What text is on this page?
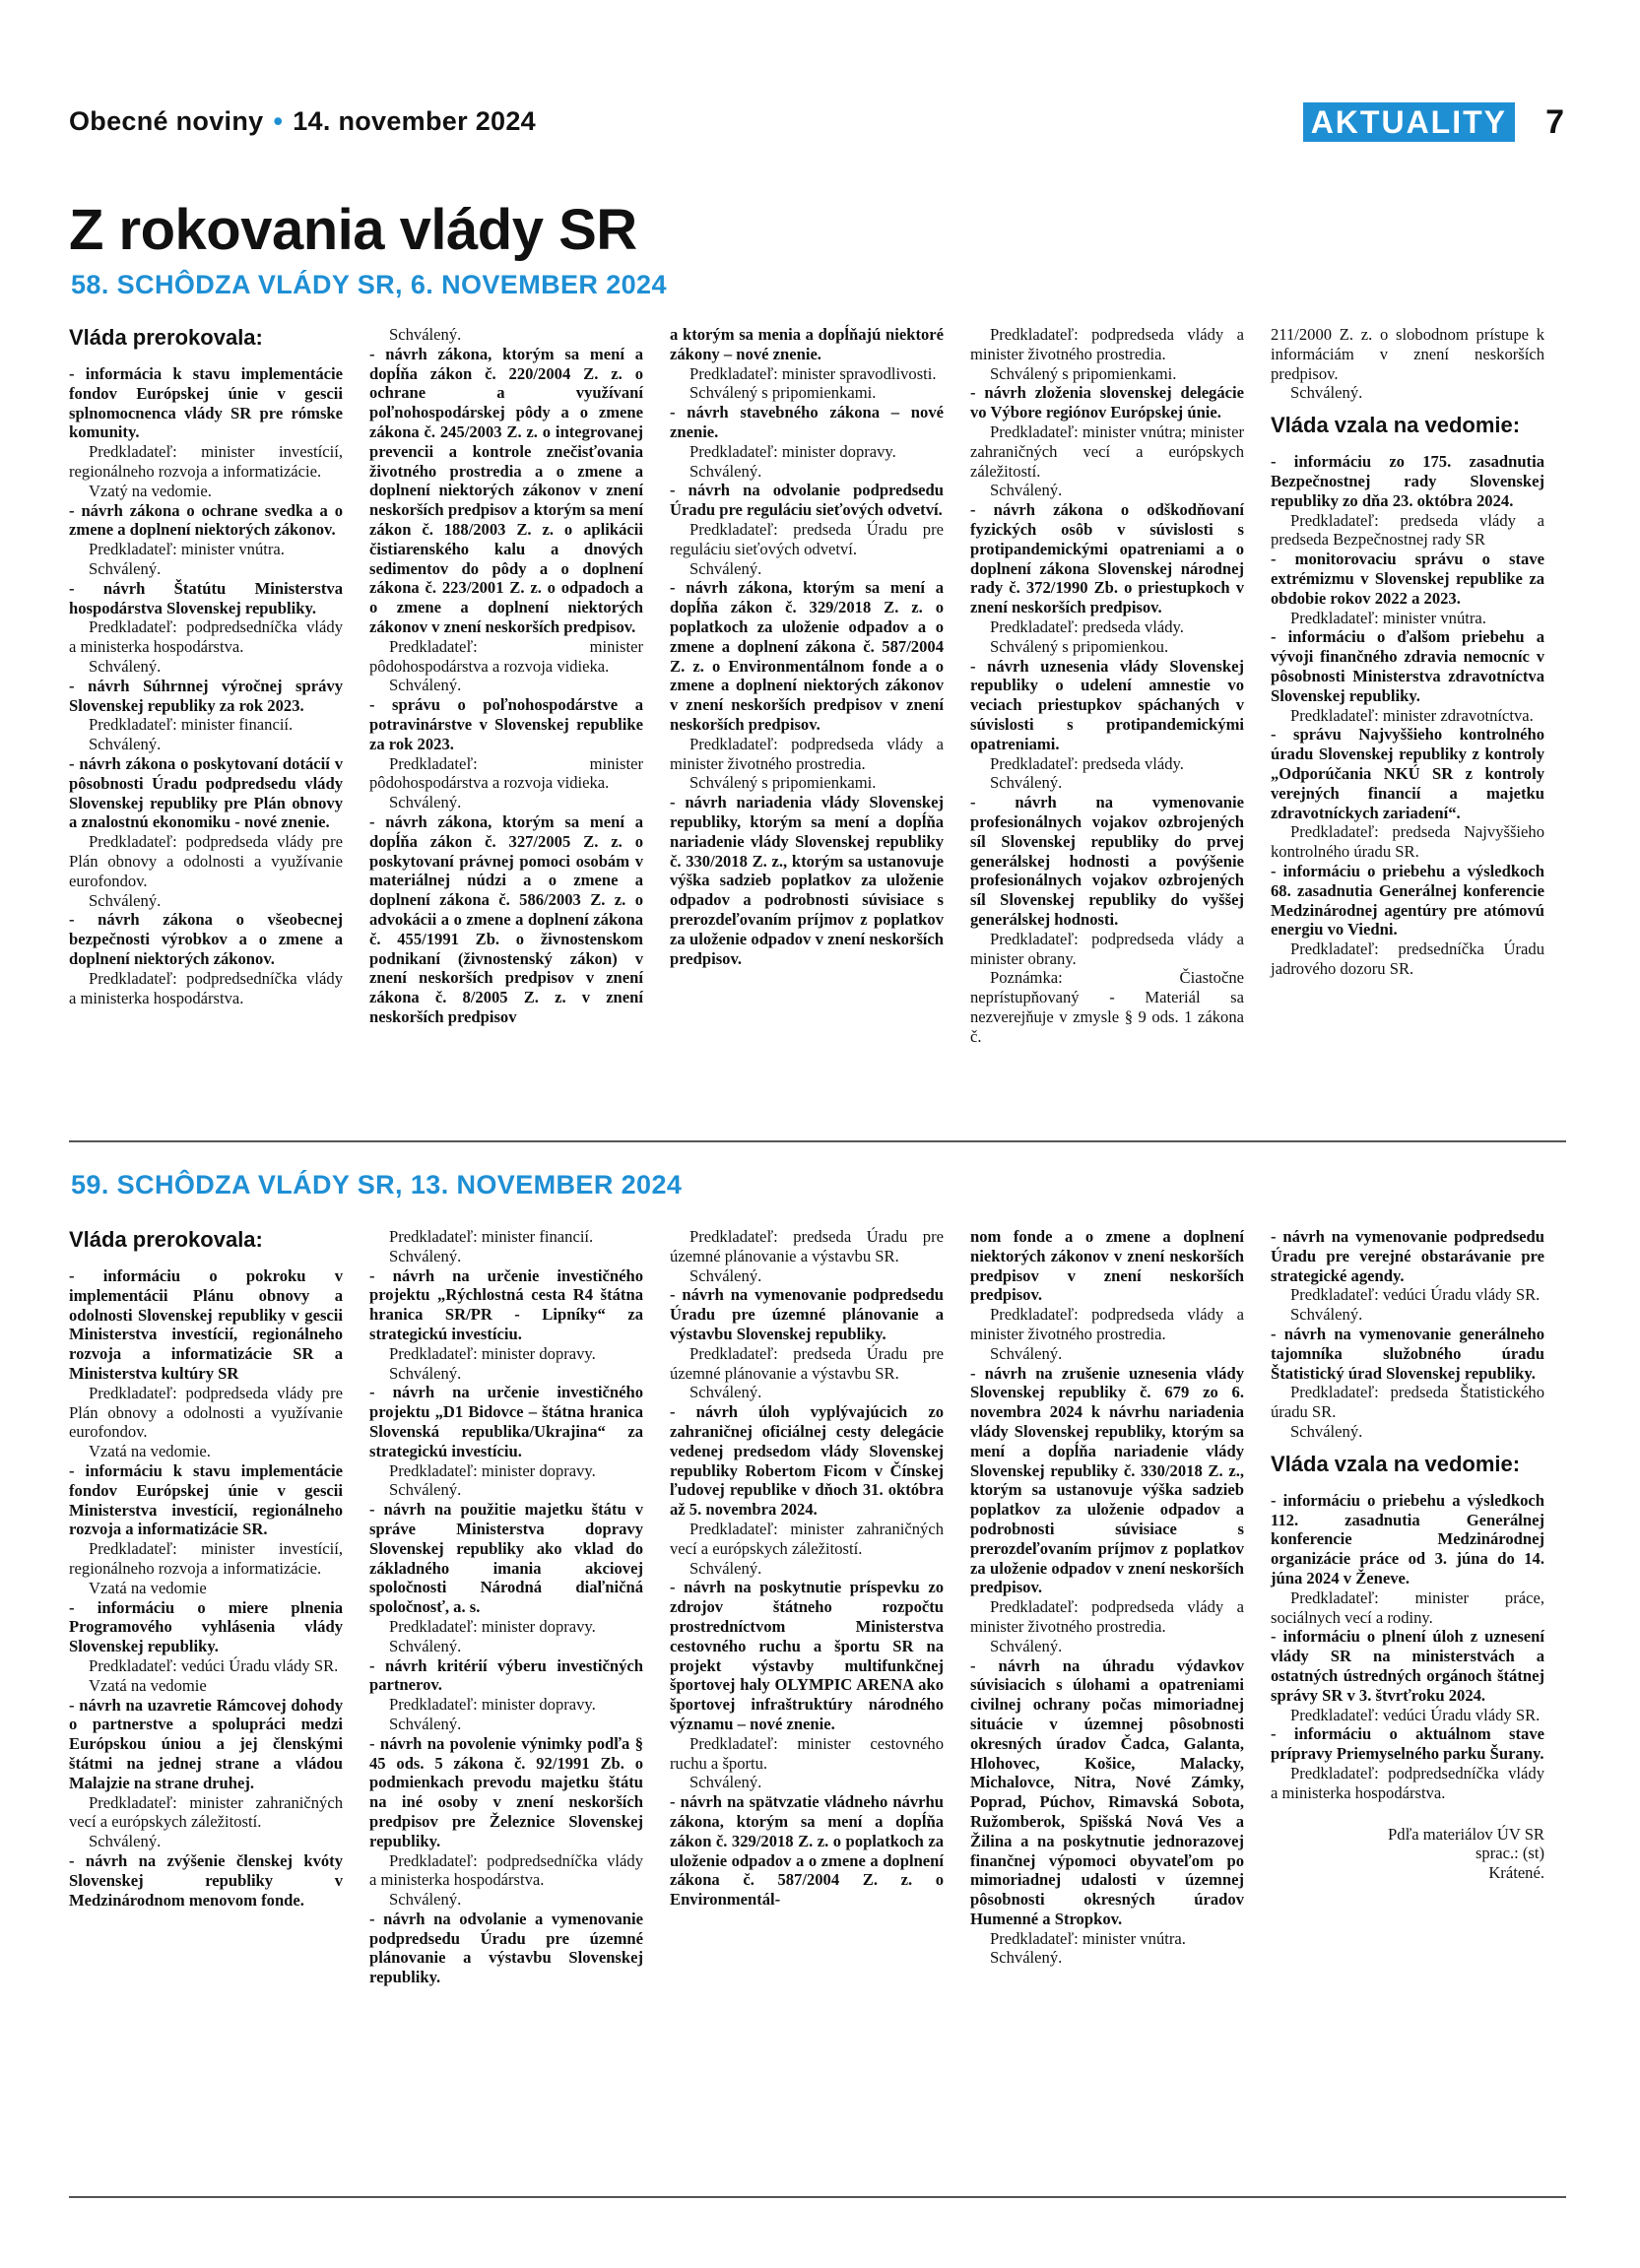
Obecné noviny • 14. november 2024	AKTUALITY 7
Z rokovania vlády SR
58. SCHÔDZA VLÁDY SR, 6. NOVEMBER 2024

Vláda prerokovala:

- informácia k stavu implementácie fondov Európskej únie v gescii splnomocnenca vlády SR pre rómske komunity.

Predkladateľ: minister investícií, regionálneho rozvoja a informatizácie.

Vzatý na vedomie.

- návrh zákona o ochrane svedka a o zmene a doplnení niektorých zákonov.

Predkladateľ: minister vnútra.

Schválený.

- návrh Štatútu Ministerstva hospodárstva Slovenskej republiky.

Predkladateľ: podpredsedníčka vlády a ministerka hospodárstva.

Schválený.

- návrh Súhrnnej výročnej správy Slovenskej republiky za rok 2023.

Predkladateľ: minister financií.

Schválený.

- návrh zákona o poskytovaní dotácií v pôsobnosti Úradu podpredsedu vlády Slovenskej republiky pre Plán obnovy a znalostnú ekonomiku - nové znenie.

Predkladateľ: podpredseda vlády pre Plán obnovy a odolnosti a využívanie eurofondov.

Schválený.

- návrh zákona o všeobecnej bezpečnosti výrobkov a o zmene a doplnení niektorých zákonov.

Predkladateľ: podpredsedníčka vlády a ministerka hospodárstva.

Schválený.

- návrh zákona, ktorým sa mení a dopĺňa zákon č. 220/2004 Z. z. o ochrane a využívaní poľnohospodárskej pôdy a o zmene zákona č. 245/2003 Z. z. o integrovanej prevencii a kontrole znečisťovania životného prostredia a o zmene a doplnení niektorých zákonov v znení neskorších predpisov a ktorým sa mení zákon č. 188/2003 Z. z. o aplikácii čistiarenského kalu a dnových sedimentov do pôdy a o doplnení zákona č. 223/2001 Z. z. o odpadoch a o zmene a doplnení niektorých zákonov v znení neskorších predpisov.

Predkladateľ: minister pôdohospodárstva a rozvoja vidieka.

Schválený.

- správu o poľnohospodárstve a potravinárstve v Slovenskej republike za rok 2023.

Predkladateľ: minister pôdohospodárstva a rozvoja vidieka.

Schválený.

- návrh zákona, ktorým sa mení a dopĺňa zákon č. 327/2005 Z. z. o poskytovaní právnej pomoci osobám v materiálnej núdzi a o zmene a doplnení zákona č. 586/2003 Z. z. o advokácii a o zmene a doplnení zákona č. 455/1991 Zb. o živnostenskom podnikaní (živnostenský zákon) v znení neskorších predpisov v znení zákona č. 8/2005 Z. z. v znení neskorších predpisov

a ktorým sa menia a dopĺňajú niektoré zákony – nové znenie.

Predkladateľ: minister spravodlivosti.

Schválený s pripomienkami.

- návrh stavebného zákona – nové znenie.

Predkladateľ: minister dopravy.

Schválený.

- návrh na odvolanie podpredsedu Úradu pre reguláciu sieťových odvetví.

Predkladateľ: predseda Úradu pre reguláciu sieťových odvetví.

Schválený.

- návrh zákona, ktorým sa mení a dopĺňa zákon č. 329/2018 Z. z. o poplatkoch za uloženie odpadov a o zmene a doplnení zákona č. 587/2004 Z. z. o Environmentálnom fonde a o zmene a doplnení niektorých zákonov v znení neskorších predpisov v znení neskorších predpisov.

Predkladateľ: podpredseda vlády a minister životného prostredia.

Schválený s pripomienkami.

- návrh nariadenia vlády Slovenskej republiky, ktorým sa mení a dopĺňa nariadenie vlády Slovenskej republiky č. 330/2018 Z. z., ktorým sa ustanovuje výška sadzieb poplatkov za uloženie odpadov a podrobnosti súvisiace s prerozdeľovaním príjmov z poplatkov za uloženie odpadov v znení neskorších predpisov.

Predkladateľ: podpredseda vlády a minister životného prostredia.

Schválený s pripomienkami.

- návrh zloženia slovenskej delegácie vo Výbore regiónov Európskej únie.

Predkladateľ: minister vnútra; minister zahraničných vecí a európskych záležitostí.

Schválený.

- návrh zákona o odškodňovaní fyzických osôb v súvislosti s protipandemickými opatreniami a o doplnení zákona Slovenskej národnej rady č. 372/1990 Zb. o priestupkoch v znení neskorších predpisov.

Predkladateľ: predseda vlády.

Schválený s pripomienkou.

- návrh uznesenia vlády Slovenskej republiky o udelení amnestie vo veciach priestupkov spáchaných v súvislosti s protipandemickými opatreniami.

Predkladateľ: predseda vlády.

Schválený.

- návrh na vymenovanie profesionálnych vojakov ozbrojených síl Slovenskej republiky do prvej generálskej hodnosti a povýšenie profesionálnych vojakov ozbrojených síl Slovenskej republiky do vyššej generálskej hodnosti.

Predkladateľ: podpredseda vlády a minister obrany.

Poznámka: Čiastočne neprístupňovaný - Materiál sa nezverejňuje v zmysle § 9 ods. 1 zákona č.

211/2000 Z. z. o slobodnom prístupe k informáciám v znení neskorších predpisov.

Schválený.

Vláda vzala na vedomie:

- informáciu zo 175. zasadnutia Bezpečnostnej rady Slovenskej republiky zo dňa 23. októbra 2024.

Predkladateľ: predseda vlády a predseda Bezpečnostnej rady SR

- monitorovaciu správu o stave extrémizmu v Slovenskej republike za obdobie rokov 2022 a 2023.

Predkladateľ: minister vnútra.

- informáciu o ďalšom priebehu a vývoji finančného zdravia nemocníc v pôsobnosti Ministerstva zdravotníctva Slovenskej republiky.

Predkladateľ: minister zdravotníctva.

- správu Najvyššieho kontrolného úradu Slovenskej republiky z kontroly „Odporúčania NKÚ SR z kontroly verejných financií a majetku zdravotníckych zariadení“.

Predkladateľ: predseda Najvyššieho kontrolného úradu SR.

- informáciu o priebehu a výsledkoch 68. zasadnutia Generálnej konferencie Medzinárodnej agentúry pre atómovú energiu vo Viedni.

Predkladateľ: predsedníčka Úradu jadrového dozoru SR.

59. SCHÔDZA VLÁDY SR, 13. NOVEMBER 2024

Vláda prerokovala:

- informáciu o pokroku v implementácii Plánu obnovy a odolnosti Slovenskej republiky v gescii Ministerstva investícií, regionálneho rozvoja a informatizácie SR a Ministerstva kultúry SR

Predkladateľ: podpredseda vlády pre Plán obnovy a odolnosti a využívanie eurofondov.

Vzatá na vedomie.

- informáciu k stavu implementácie fondov Európskej únie v gescii Ministerstva investícií, regionálneho rozvoja a informatizácie SR.

Predkladateľ: minister investícií, regionálneho rozvoja a informatizácie.

Vzatá na vedomie

- informáciu o miere plnenia Programového vyhlásenia vlády Slovenskej republiky.

Predkladateľ: vedúci Úradu vlády SR.

Vzatá na vedomie

- návrh na uzavretie Rámcovej dohody o partnerstve a spolupráci medzi Európskou úniou a jej členskými štátmi na jednej strane a vládou Malajzie na strane druhej.

Predkladateľ: minister zahraničných vecí a európskych záležitostí.

Schválený.

- návrh na zvýšenie členskej kvóty Slovenskej republiky v Medzinárodnom menovom fonde.

Predkladateľ: minister financií.

Schválený.

- návrh na určenie investičného projektu „Rýchlostná cesta R4 štátna hranica SR/PR - Lipníky“ za strategickú investíciu.

Predkladateľ: minister dopravy.

Schválený.

- návrh na určenie investičného projektu „D1 Bidovce – štátna hranica Slovenská republika/Ukrajina“ za strategickú investíciu.

Predkladateľ: minister dopravy.

Schválený.

- návrh na použitie majetku štátu v správe Ministerstva dopravy Slovenskej republiky ako vklad do základného imania akciovej spoločnosti Národná diaľničná spoločnosť, a. s.

Predkladateľ: minister dopravy.

Schválený.

- návrh kritérií výberu investičných partnerov.

Predkladateľ: minister dopravy.

Schválený.

- návrh na povolenie výnimky podľa § 45 ods. 5 zákona č. 92/1991 Zb. o podmienkach prevodu majetku štátu na iné osoby v znení neskorších predpisov pre Železnice Slovenskej republiky.

Predkladateľ: podpredsedníčka vlády a ministerka hospodárstva.

Schválený.

- návrh na odvolanie a vymenovanie podpredsedu Úradu pre územné plánovanie a výstavbu Slovenskej republiky.

Predkladateľ: predseda Úradu pre územné plánovanie a výstavbu SR.

Schválený.

- návrh na vymenovanie podpredsedu Úradu pre územné plánovanie a výstavbu Slovenskej republiky.

Predkladateľ: predseda Úradu pre územné plánovanie a výstavbu SR.

Schválený.

- návrh úloh vyplývajúcich zo zahraničnej oficiálnej cesty delegácie vedenej predsedom vlády Slovenskej republiky Robertom Ficom v Čínskej ľudovej republike v dňoch 31. októbra až 5. novembra 2024.

Predkladateľ: minister zahraničných vecí a európskych záležitostí.

Schválený.

- návrh na poskytnutie príspevku zo zdrojov štátneho rozpočtu prostredníctvom Ministerstva cestovného ruchu a športu SR na projekt výstavby multifunkčnej športovej haly OLYMPIC ARENA ako športovej infraštruktúry národného významu – nové znenie.

Predkladateľ: minister cestovného ruchu a športu.

Schválený.

- návrh na spätvzatie vládneho návrhu zákona, ktorým sa mení a dopĺňa zákon č. 329/2018 Z. z. o poplatkoch za uloženie odpadov a o zmene a doplnení zákona č. 587/2004 Z. z. o Environmentál-

nom fonde a o zmene a doplnení niektorých zákonov v znení neskorších predpisov v znení neskorších predpisov.

Predkladateľ: podpredseda vlády a minister životného prostredia.

Schválený.

- návrh na zrušenie uznesenia vlády Slovenskej republiky č. 679 zo 6. novembra 2024 k návrhu nariadenia vlády Slovenskej republiky, ktorým sa mení a dopĺňa nariadenie vlády Slovenskej republiky č. 330/2018 Z. z., ktorým sa ustanovuje výška sadzieb poplatkov za uloženie odpadov a podrobnosti súvisiace s prerozdeľovaním príjmov z poplatkov za uloženie odpadov v znení neskorších predpisov.

Predkladateľ: podpredseda vlády a minister životného prostredia.

Schválený.

- návrh na úhradu výdavkov súvisiacich s úlohami a opatreniami civilnej ochrany počas mimoriadnej situácie v územnej pôsobnosti okresných úradov Čadca, Galanta, Hlohovec, Košice, Malacky, Michalovce, Nitra, Nové Zámky, Poprad, Púchov, Rimavská Sobota, Ružomberok, Spišská Nová Ves a Žilina a na poskytnutie jednorazovej finančnej výpomoci obyvateľom po mimoriadnej udalosti v územnej pôsobnosti okresných úradov Humenné a Stropkov.

Predkladateľ: minister vnútra.

Schválený.

- návrh na vymenovanie podpredsedu Úradu pre verejné obstarávanie pre strategické agendy.

Predkladateľ: vedúci Úradu vlády SR.

Schválený.

- návrh na vymenovanie generálneho tajomníka služobného úradu Štatistický úrad Slovenskej republiky.

Predkladateľ: predseda Štatistického úradu SR.

Schválený.

Vláda vzala na vedomie:

- informáciu o priebehu a výsledkoch 112. zasadnutia Generálnej konferencie Medzinárodnej organizácie práce od 3. júna do 14. júna 2024 v Ženeve.

Predkladateľ: minister práce, sociálnych vecí a rodiny.

- informáciu o plnení úloh z uznesení vlády SR na ministerstvách a ostatných ústredných orgánoch štátnej správy SR v 3. štvrťroku 2024.

Predkladateľ: vedúci Úradu vlády SR.

- informáciu o aktuálnom stave prípravy Priemyselného parku Šurany.

Predkladateľ: podpredsedníčka vlády a ministerka hospodárstva.

Pdľa materiálov ÚV SR

sprac.: (st)

Krátené.
